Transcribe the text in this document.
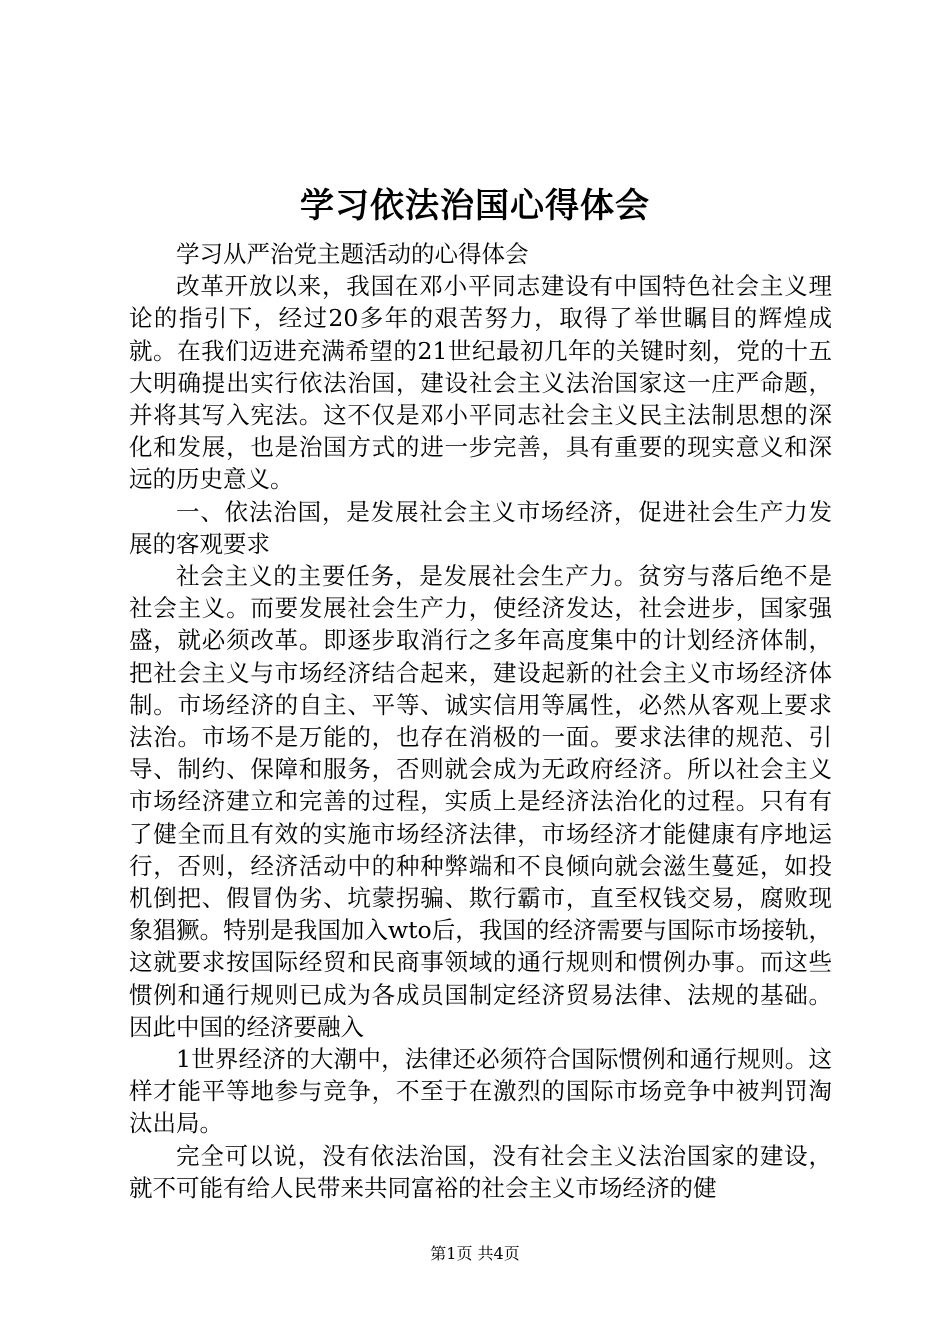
学习依法治国心得体会

学习从严治党主题活动的心得体会

改革开放以来，我国在邓小平同志建设有中国特色社会主义理论的指引下，经过20多年的艰苦努力，取得了举世瞩目的辉煌成就。在我们迈进充满希望的21世纪最初几年的关键时刻，党的十五大明确提出实行依法治国，建设社会主义法治国家这一庄严命题，并将其写入宪法。这不仅是邓小平同志社会主义民主法制思想的深化和发展，也是治国方式的进一步完善，具有重要的现实意义和深远的历史意义。

一、依法治国，是发展社会主义市场经济，促进社会生产力发展的客观要求

社会主义的主要任务，是发展社会生产力。贫穷与落后绝不是社会主义。而要发展社会生产力，使经济发达，社会进步，国家强盛，就必须改革。即逐步取消行之多年高度集中的计划经济体制，把社会主义与市场经济结合起来，建设起新的社会主义市场经济体制。市场经济的自主、平等、诚实信用等属性，必然从客观上要求法治。市场不是万能的，也存在消极的一面。要求法律的规范、引导、制约、保障和服务，否则就会成为无政府经济。所以社会主义市场经济建立和完善的过程，实质上是经济法治化的过程。只有有了健全而且有效的实施市场经济法律，市场经济才能健康有序地运行，否则，经济活动中的种种弊端和不良倾向就会滋生蔓延，如投机倒把、假冒伪劣、坑蒙拐骗、欺行霸市，直至权钱交易，腐败现象猖獗。特别是我国加入wto后，我国的经济需要与国际市场接轨，这就要求按国际经贸和民商事领域的通行规则和惯例办事。而这些惯例和通行规则已成为各成员国制定经济贸易法律、法规的基础。因此中国的经济要融入

1世界经济的大潮中，法律还必须符合国际惯例和通行规则。这样才能平等地参与竞争，不至于在激烈的国际市场竞争中被判罚淘汰出局。

完全可以说，没有依法治国，没有社会主义法治国家的建设，就不可能有给人民带来共同富裕的社会主义市场经济的健

第1页 共4页
